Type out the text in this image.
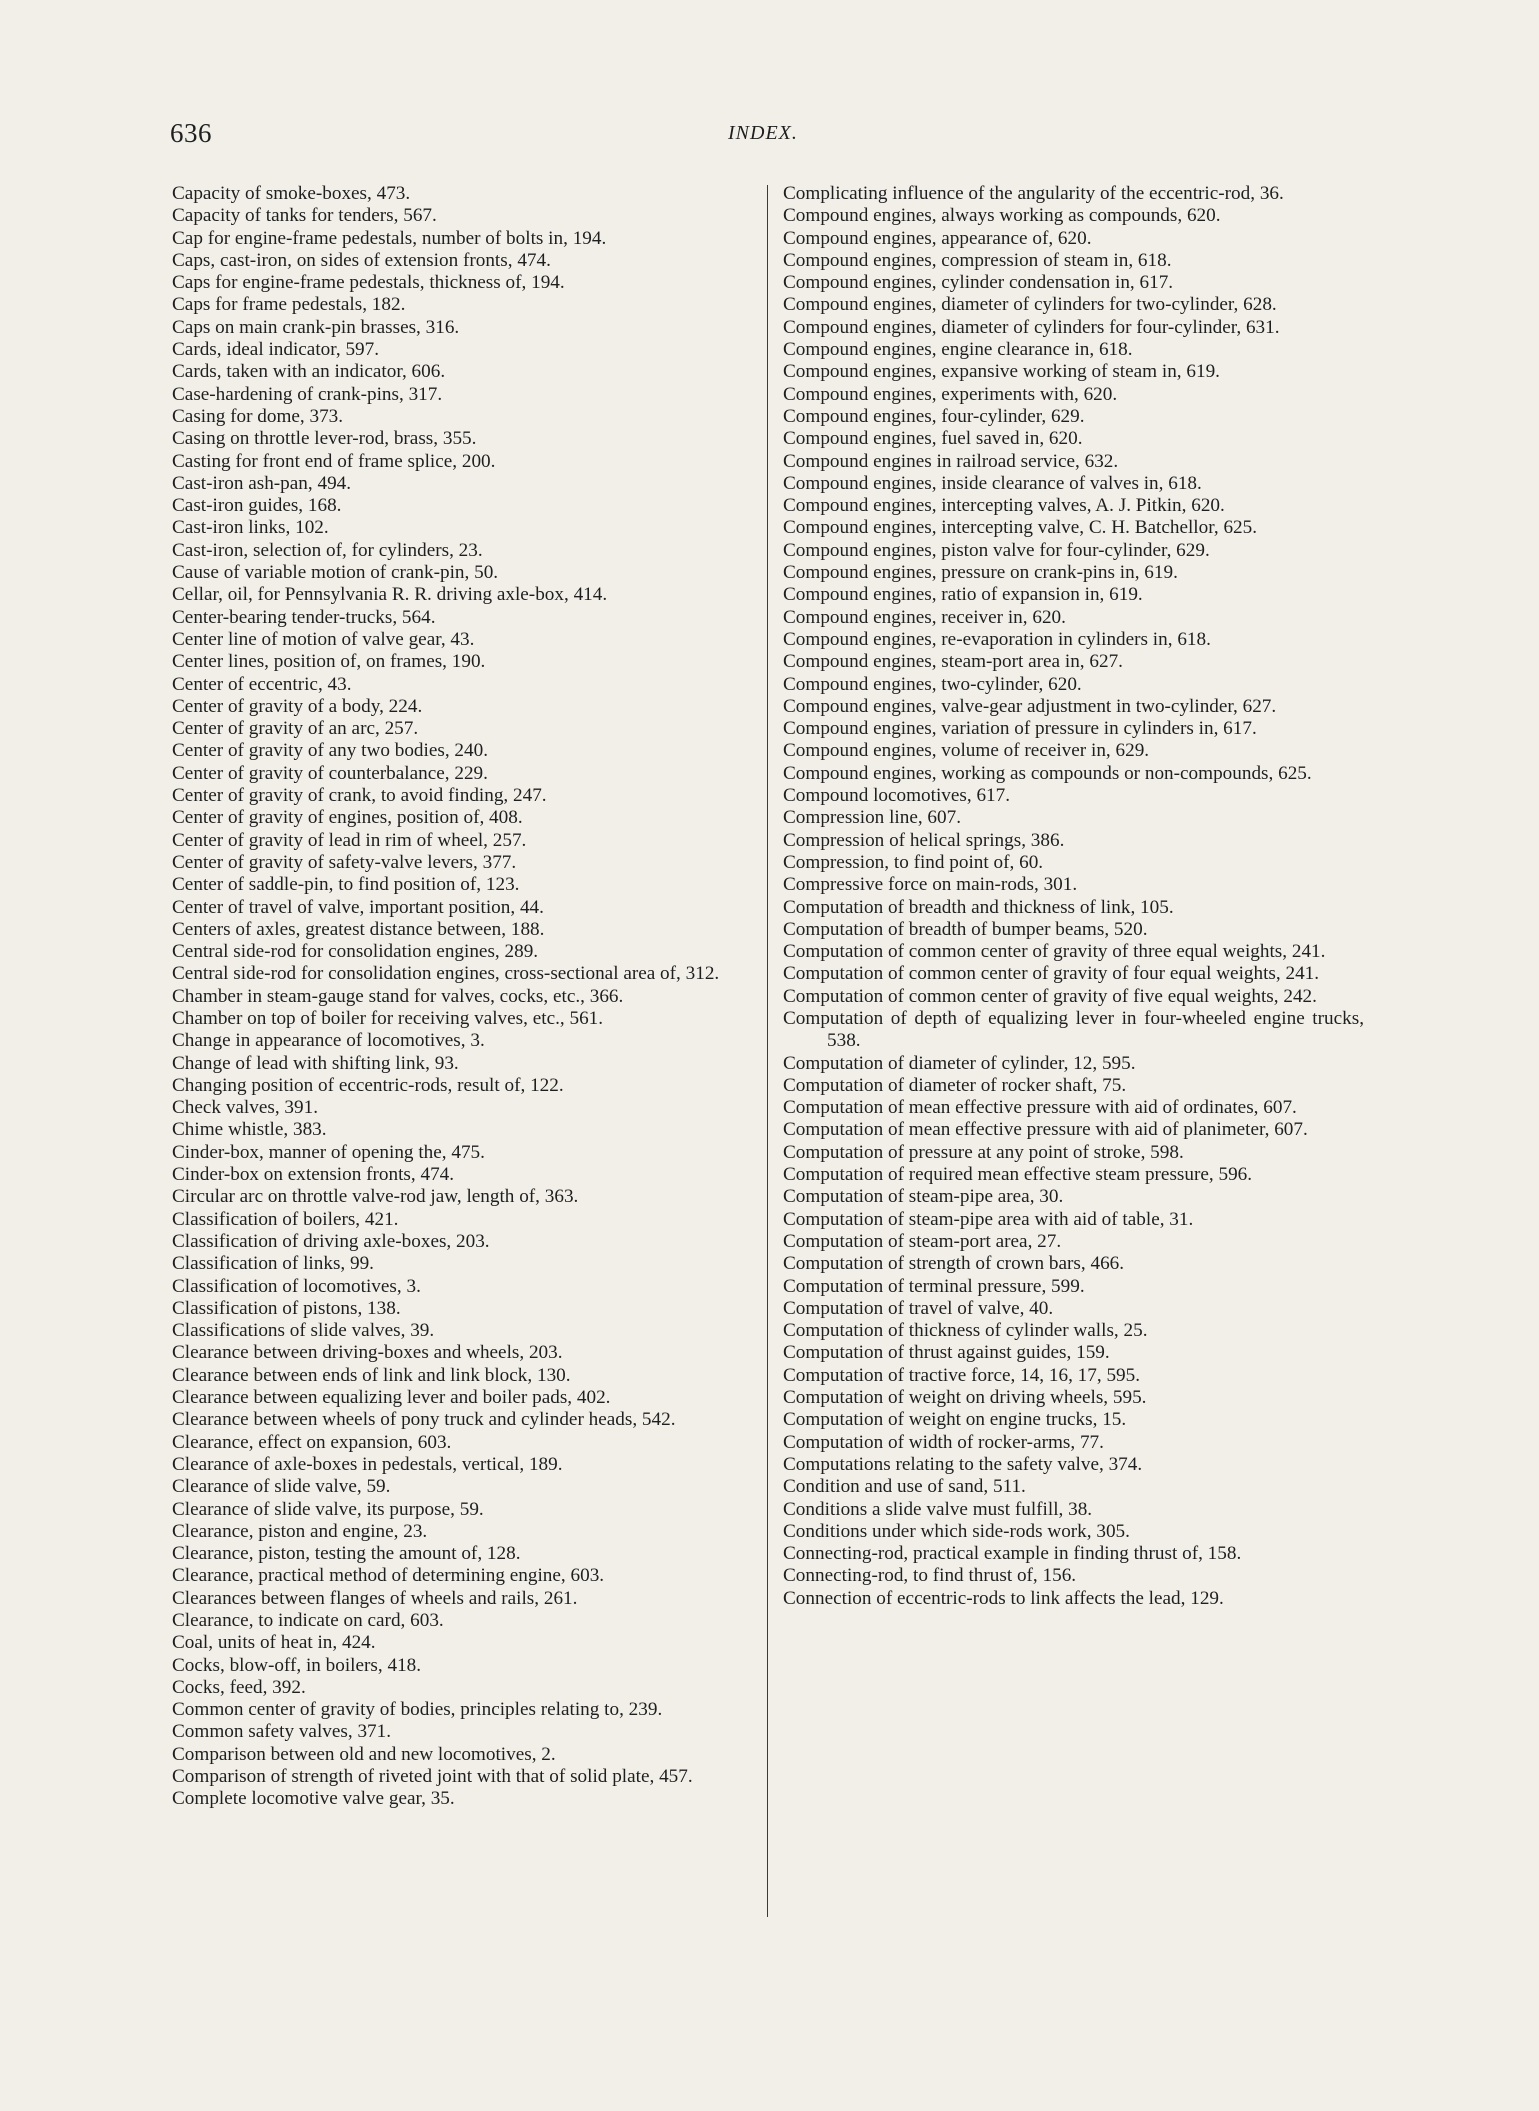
636	INDEX.

Capacity of smoke-boxes, 473.

Capacity of tanks for tenders, 567.

Cap for engine-frame pedestals, number of bolts in, 194.

Caps, cast-iron, on sides of extension fronts, 474.

Caps for engine-frame pedestals, thickness of, 194.

Caps for frame pedestals, 182.

Caps on main crank-pin brasses, 316.

Cards, ideal indicator, 597.

Cards, taken with an indicator, 606.

Case-hardening of crank-pins, 317.

Casing for dome, 373.

Casing on throttle lever-rod, brass, 355.

Casting for front end of frame splice, 200.

Cast-iron ash-pan, 494.

Cast-iron guides, 168.

Cast-iron links, 102.

Cast-iron, selection of, for cylinders, 23.

Cause of variable motion of crank-pin, 50.

Cellar, oil, for Pennsylvania R. R. driving axle-box, 414.

Center-bearing tender-trucks, 564.

Center line of motion of valve gear, 43.

Center lines, position of, on frames, 190.

Center of eccentric, 43.

Center of gravity of a body, 224.

Center of gravity of an arc, 257.

Center of gravity of any two bodies, 240.

Center of gravity of counterbalance, 229.

Center of gravity of crank, to avoid finding, 247.

Center of gravity of engines, position of, 408.

Center of gravity of lead in rim of wheel, 257.

Center of gravity of safety-valve levers, 377.

Center of saddle-pin, to find position of, 123.

Center of travel of valve, important position, 44.

Centers of axles, greatest distance between, 188.

Central side-rod for consolidation engines, 289.

Central side-rod for consolidation engines, cross-sectional area of, 312.

Chamber in steam-gauge stand for valves, cocks, etc., 366.

Chamber on top of boiler for receiving valves, etc., 561.

Change in appearance of locomotives, 3.

Change of lead with shifting link, 93.

Changing position of eccentric-rods, result of, 122.

Check valves, 391.

Chime whistle, 383.

Cinder-box, manner of opening the, 475.

Cinder-box on extension fronts, 474.

Circular arc on throttle valve-rod jaw, length of, 363.

Classification of boilers, 421.

Classification of driving axle-boxes, 203.

Classification of links, 99.

Classification of locomotives, 3.

Classification of pistons, 138.

Classifications of slide valves, 39.

Clearance between driving-boxes and wheels, 203.

Clearance between ends of link and link block, 130.

Clearance between equalizing lever and boiler pads, 402.

Clearance between wheels of pony truck and cylinder heads, 542.

Clearance, effect on expansion, 603.

Clearance of axle-boxes in pedestals, vertical, 189.

Clearance of slide valve, 59.

Clearance of slide valve, its purpose, 59.

Clearance, piston and engine, 23.

Clearance, piston, testing the amount of, 128.

Clearance, practical method of determining engine, 603.

Clearances between flanges of wheels and rails, 261.

Clearance, to indicate on card, 603.

Coal, units of heat in, 424.

Cocks, blow-off, in boilers, 418.

Cocks, feed, 392.

Common center of gravity of bodies, principles relating to, 239.

Common safety valves, 371.

Comparison between old and new locomotives, 2.

Comparison of strength of riveted joint with that of solid plate, 457.

Complete locomotive valve gear, 35.

Complicating influence of the angularity of the eccentric-rod, 36.

Compound engines, always working as compounds, 620.

Compound engines, appearance of, 620.

Compound engines, compression of steam in, 618.

Compound engines, cylinder condensation in, 617.

Compound engines, diameter of cylinders for two-cylinder, 628.

Compound engines, diameter of cylinders for four-cylinder, 631.

Compound engines, engine clearance in, 618.

Compound engines, expansive working of steam in, 619.

Compound engines, experiments with, 620.

Compound engines, four-cylinder, 629.

Compound engines, fuel saved in, 620.

Compound engines in railroad service, 632.

Compound engines, inside clearance of valves in, 618.

Compound engines, intercepting valves, A. J. Pitkin, 620.

Compound engines, intercepting valve, C. H. Batchellor, 625.

Compound engines, piston valve for four-cylinder, 629.

Compound engines, pressure on crank-pins in, 619.

Compound engines, ratio of expansion in, 619.

Compound engines, receiver in, 620.

Compound engines, re-evaporation in cylinders in, 618.

Compound engines, steam-port area in, 627.

Compound engines, two-cylinder, 620.

Compound engines, valve-gear adjustment in two-cylinder, 627.

Compound engines, variation of pressure in cylinders in, 617.

Compound engines, volume of receiver in, 629.

Compound engines, working as compounds or non-compounds, 625.

Compound locomotives, 617.

Compression line, 607.

Compression of helical springs, 386.

Compression, to find point of, 60.

Compressive force on main-rods, 301.

Computation of breadth and thickness of link, 105.

Computation of breadth of bumper beams, 520.

Computation of common center of gravity of three equal weights, 241.

Computation of common center of gravity of four equal weights, 241.

Computation of common center of gravity of five equal weights, 242.

Computation of depth of equalizing lever in four-wheeled engine trucks, 538.

Computation of diameter of cylinder, 12, 595.

Computation of diameter of rocker shaft, 75.

Computation of mean effective pressure with aid of ordinates, 607.

Computation of mean effective pressure with aid of planimeter, 607.

Computation of pressure at any point of stroke, 598.

Computation of required mean effective steam pressure, 596.

Computation of steam-pipe area, 30.

Computation of steam-pipe area with aid of table, 31.

Computation of steam-port area, 27.

Computation of strength of crown bars, 466.

Computation of terminal pressure, 599.

Computation of travel of valve, 40.

Computation of thickness of cylinder walls, 25.

Computation of thrust against guides, 159.

Computation of tractive force, 14, 16, 17, 595.

Computation of weight on driving wheels, 595.

Computation of weight on engine trucks, 15.

Computation of width of rocker-arms, 77.

Computations relating to the safety valve, 374.

Condition and use of sand, 511.

Conditions a slide valve must fulfill, 38.

Conditions under which side-rods work, 305.

Connecting-rod, practical example in finding thrust of, 158.

Connecting-rod, to find thrust of, 156.

Connection of eccentric-rods to link affects the lead, 129.
